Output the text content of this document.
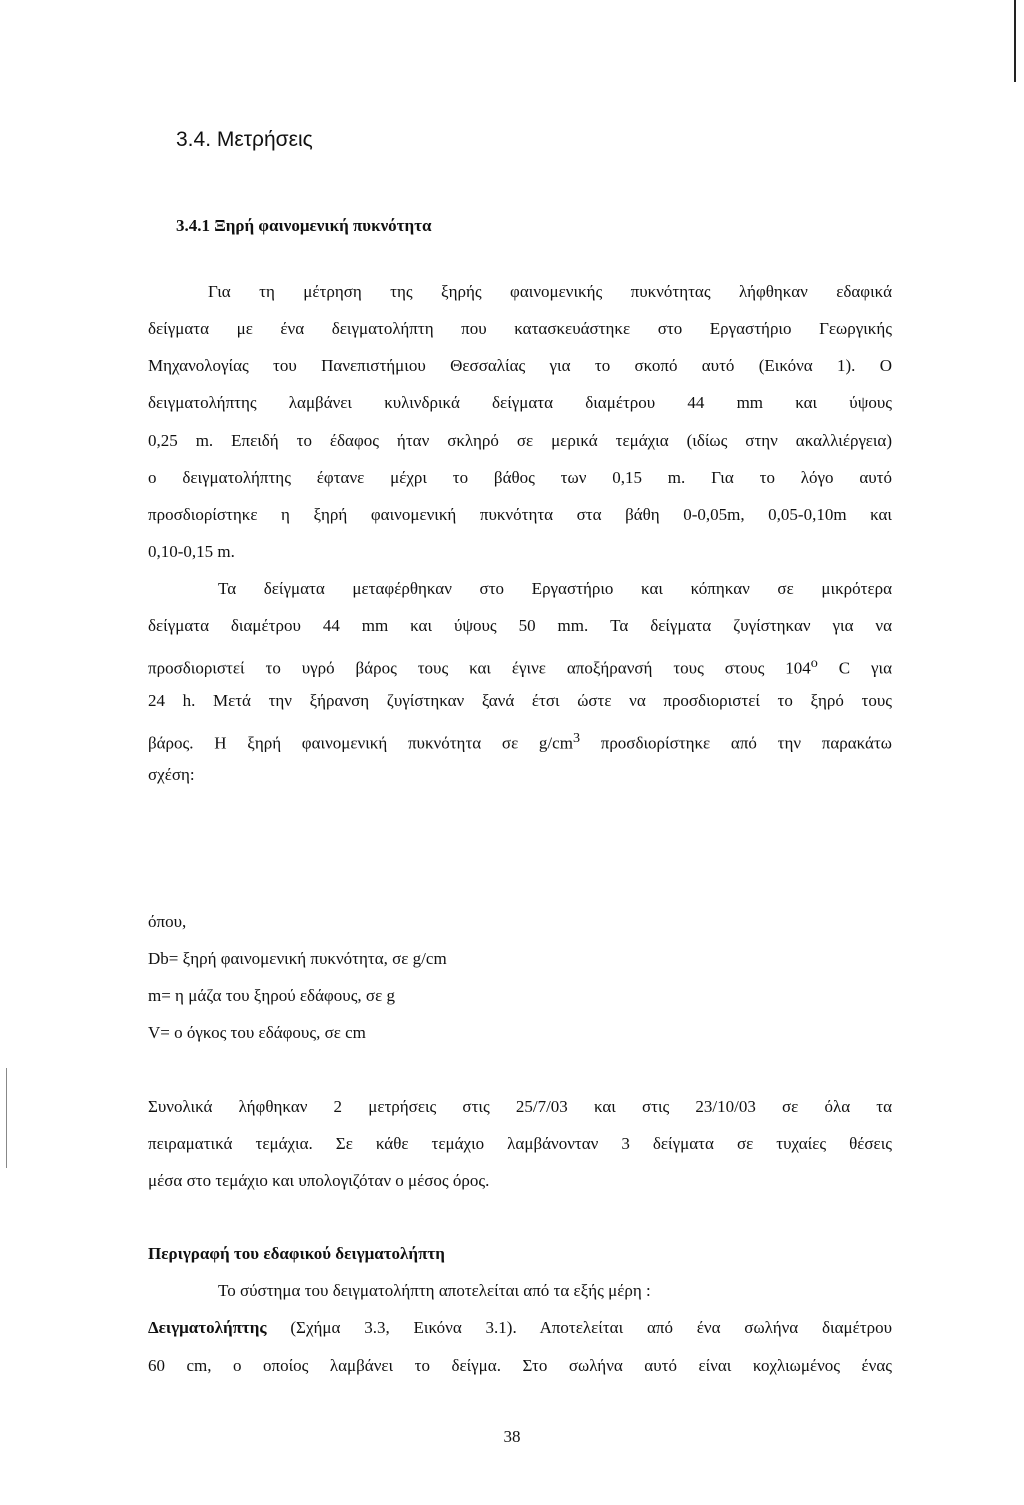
3.4. Μετρήσεις
3.4.1 Ξηρή φαινομενική πυκνότητα
Για τη μέτρηση της ξηρής φαινομενικής πυκνότητας λήφθηκαν εδαφικά
δείγματα με ένα δειγματολήπτη που κατασκευάστηκε στο Εργαστήριο Γεωργικής
Μηχανολογίας του Πανεπιστήμιου Θεσσαλίας για το σκοπό αυτό (Εικόνα 1). Ο
δειγματολήπτης λαμβάνει κυλινδρικά δείγματα διαμέτρου 44 mm και ύψους
0,25 m. Επειδή το έδαφος ήταν σκληρό σε μερικά τεμάχια (ιδίως στην ακαλλιέργεια)
ο δειγματολήπτης έφτανε μέχρι το βάθος των 0,15 m. Για το λόγο αυτό
προσδιορίστηκε η ξηρή φαινομενική πυκνότητα στα βάθη 0-0,05m, 0,05-0,10m και
0,10-0,15 m.
Τα δείγματα μεταφέρθηκαν στο Εργαστήριο και κόπηκαν σε μικρότερα
δείγματα διαμέτρου 44 mm και ύψους 50 mm. Τα δείγματα ζυγίστηκαν για να
προσδιοριστεί το υγρό βάρος τους και έγινε αποξήρανσή τους στους $104^o$ C για
24 h. Μετά την ξήρανση ζυγίστηκαν ξανά έτσι ώστε να προσδιοριστεί το ξηρό τους
βάρος. Η ξηρή φαινομενική πυκνότητα σε $g/cm^3$ προσδιορίστηκε από την παρακάτω
σχέση:
όπου,
Db= ξηρή φαινομενική πυκνότητα, σε g/cm
m= η μάζα του ξηρού εδάφους, σε g
V= ο όγκος του εδάφους, σε cm
Συνολικά λήφθηκαν 2 μετρήσεις στις 25/7/03 και στις 23/10/03 σε όλα τα
πειραματικά τεμάχια. Σε κάθε τεμάχιο λαμβάνονταν 3 δείγματα σε τυχαίες θέσεις
μέσα στο τεμάχιο και υπολογιζόταν ο μέσος όρος.
Περιγραφή του εδαφικού δειγματολήπτη
Το σύστημα του δειγματολήπτη αποτελείται από τα εξής μέρη :
Δειγματολήπτης (Σχήμα 3.3, Εικόνα 3.1). Αποτελείται από ένα σωλήνα διαμέτρου
60 cm, ο οποίος λαμβάνει το δείγμα. Στο σωλήνα αυτό είναι κοχλιωμένος ένας
38
